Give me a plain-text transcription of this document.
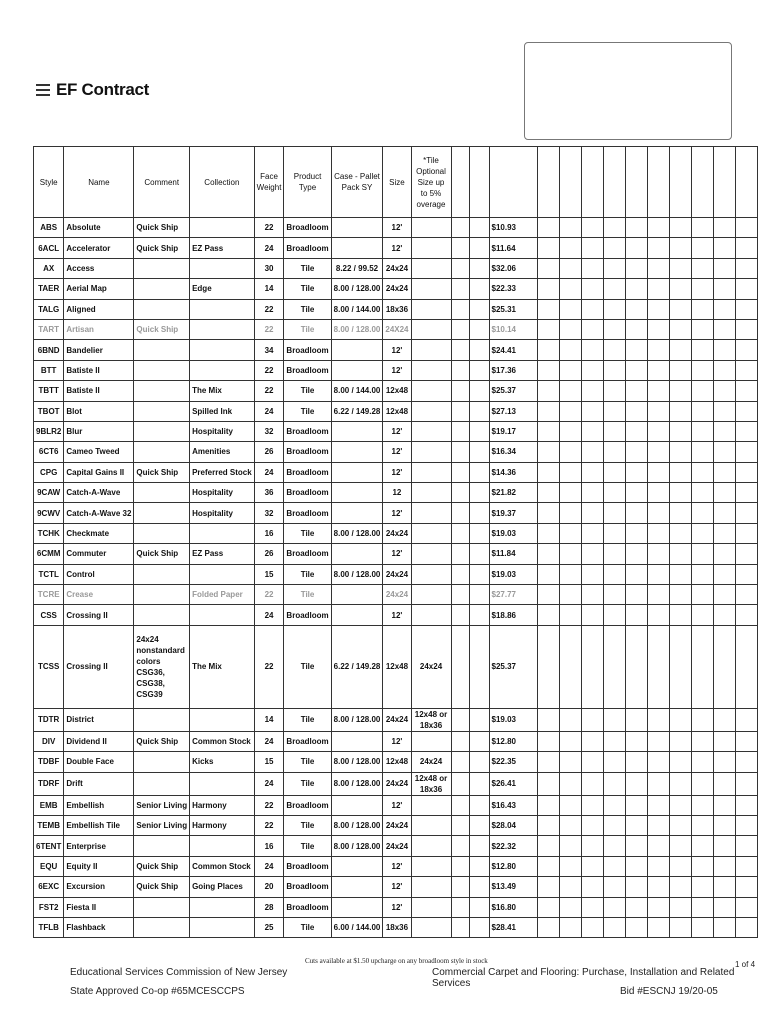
EF Contract
Style	Name	Comment	Collection	Face Weight	Product Type	Case - Pallet Pack SY	Size	*Tile Optional Size up to 5% overage													
ABS	Absolute	Quick Ship		22	Broadloom		12'				$10.93										
6ACL	Accelerator	Quick Ship	EZ Pass	24	Broadloom		12'				$11.64										
AX	Access			30	Tile	8.22 / 99.52	24x24				$32.06										
TAER	Aerial Map		Edge	14	Tile	8.00 / 128.00	24x24				$22.33										
TALG	Aligned			22	Tile	8.00 / 144.00	18x36				$25.31										
TART	Artisan	Quick Ship		22	Tile	8.00 / 128.00	24X24				$10.14										
6BND	Bandelier			34	Broadloom		12'				$24.41										
BTT	Batiste II			22	Broadloom		12'				$17.36										
TBTT	Batiste II		The Mix	22	Tile	8.00 / 144.00	12x48				$25.37										
TBOT	Blot		Spilled Ink	24	Tile	6.22 / 149.28	12x48				$27.13										
9BLR2	Blur		Hospitality	32	Broadloom		12'				$19.17										
6CT6	Cameo Tweed		Amenities	26	Broadloom		12'				$16.34										
CPG	Capital Gains II	Quick Ship	Preferred Stock	24	Broadloom		12'				$14.36										
9CAW	Catch-A-Wave		Hospitality	36	Broadloom		12				$21.82										
9CWV	Catch-A-Wave 32		Hospitality	32	Broadloom		12'				$19.37										
TCHK	Checkmate			16	Tile	8.00 / 128.00	24x24				$19.03										
6CMM	Commuter	Quick Ship	EZ Pass	26	Broadloom		12'				$11.84										
TCTL	Control			15	Tile	8.00 / 128.00	24x24				$19.03										
TCRE	Crease		Folded Paper	22	Tile		24x24				$27.77										
CSS	Crossing II			24	Broadloom		12'				$18.86										
TCSS	Crossing II	24x24 nonstandard colors CSG36, CSG38, CSG39	The Mix	22	Tile	6.22 / 149.28	12x48	24x24			$25.37										
TDTR	District			14	Tile	8.00 / 128.00	24x24	12x48 or 18x36			$19.03										
DIV	Dividend II	Quick Ship	Common Stock	24	Broadloom		12'				$12.80										
TDBF	Double Face		Kicks	15	Tile	8.00 / 128.00	12x48	24x24			$22.35										
TDRF	Drift			24	Tile	8.00 / 128.00	24x24	12x48 or 18x36			$26.41										
EMB	Embellish	Senior Living	Harmony	22	Broadloom		12'				$16.43										
TEMB	Embellish Tile	Senior Living	Harmony	22	Tile	8.00 / 128.00	24x24				$28.04										
6TENT	Enterprise			16	Tile	8.00 / 128.00	24x24				$22.32										
EQU	Equity II	Quick Ship	Common Stock	24	Broadloom		12'				$12.80										
6EXC	Excursion	Quick Ship	Going Places	20	Broadloom		12'				$13.49										
FST2	Fiesta II			28	Broadloom		12'				$16.80										
TFLB	Flashback			25	Tile	6.00 / 144.00	18x36				$28.41										
Cuts available at $1.50 upcharge on any broadloom style in stock
Educational Services Commission of New Jersey
State Approved Co-op #65MCESCCPS
Commercial Carpet and Flooring: Purchase, Installation and Related Services
Bid #ESCNJ 19/20-05
1 of 4
